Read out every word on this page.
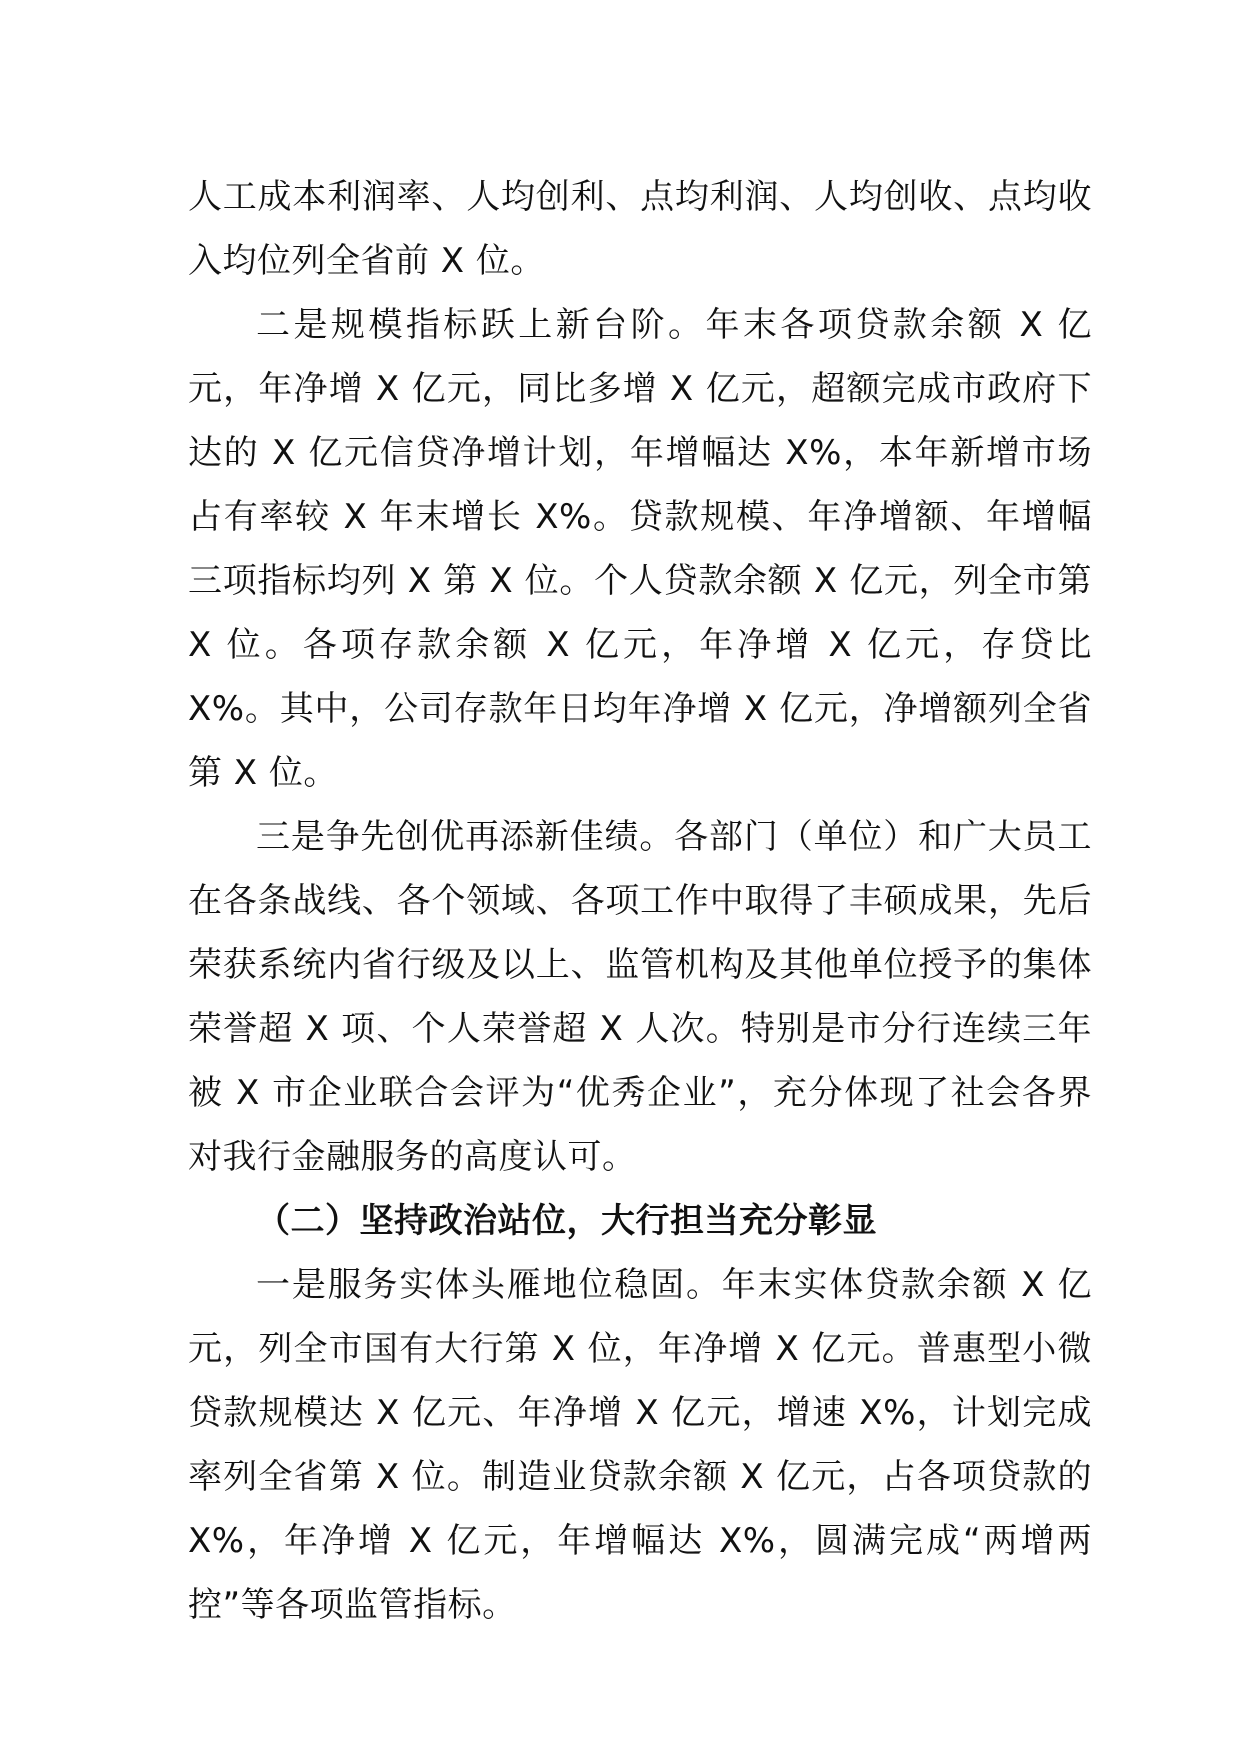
人工成本利润率、人均创利、点均利润、人均创收、点均收入均位列全省前 X 位。

二是规模指标跃上新台阶。年末各项贷款余额 X 亿元，年净增 X 亿元，同比多增 X 亿元，超额完成市政府下达的 X 亿元信贷净增计划，年增幅达 X%，本年新增市场占有率较 X 年末增长 X%。贷款规模、年净增额、年增幅三项指标均列 X 第 X 位。个人贷款余额 X 亿元，列全市第 X 位。各项存款余额 X 亿元，年净增 X 亿元，存贷比 X%。其中，公司存款年日均年净增 X 亿元，净增额列全省第 X 位。

三是争先创优再添新佳绩。各部门（单位）和广大员工在各条战线、各个领域、各项工作中取得了丰硕成果，先后荣获系统内省行级及以上、监管机构及其他单位授予的集体荣誉超 X 项、个人荣誉超 X 人次。特别是市分行连续三年被 X 市企业联合会评为“优秀企业”，充分体现了社会各界对我行金融服务的高度认可。

（二）坚持政治站位，大行担当充分彰显

一是服务实体头雁地位稳固。年末实体贷款余额 X 亿元，列全市国有大行第 X 位，年净增 X 亿元。普惠型小微贷款规模达 X 亿元、年净增 X 亿元，增速 X%，计划完成率列全省第 X 位。制造业贷款余额 X 亿元，占各项贷款的 X%，年净增 X 亿元，年增幅达 X%，圆满完成“两增两控”等各项监管指标。
